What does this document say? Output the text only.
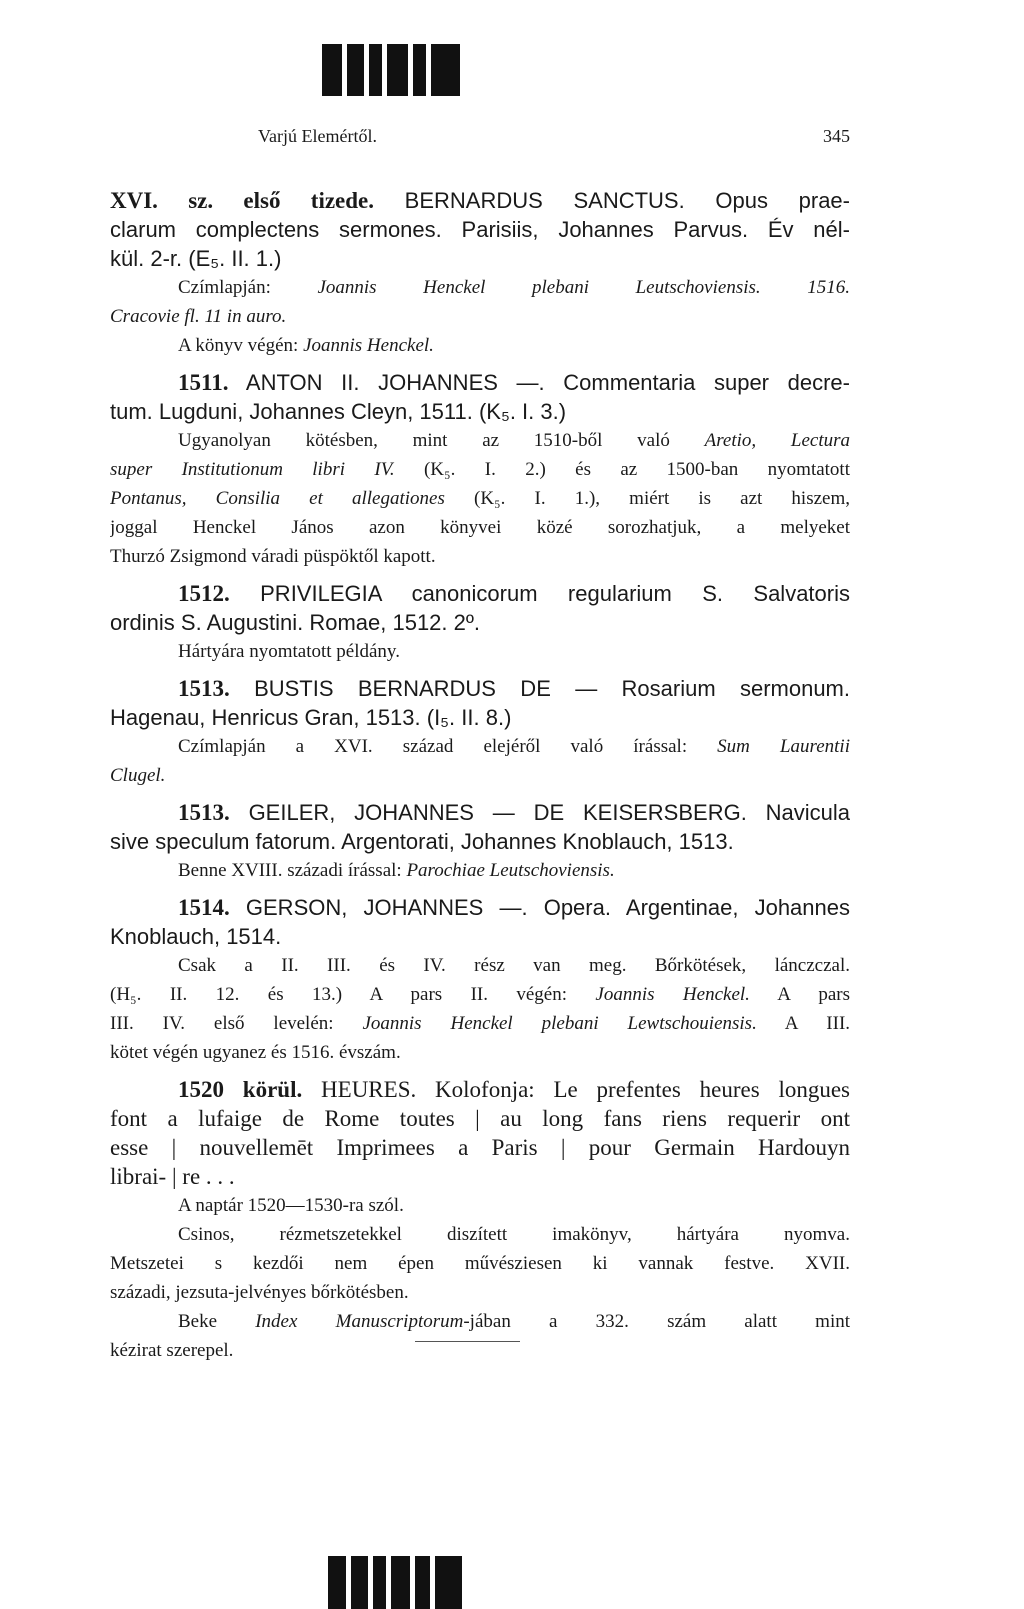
Varjú Elemértől.	345
XVI. sz. első tizede. BERNARDUS SANCTUS. Opus prae-
clarum complectens sermones. Parisiis, Johannes Parvus. Év nél-
kül. 2-r. (E₅. II. 1.)
Czímlapján: Joannis Henckel plebani Leutschoviensis. 1516.
Cracovie fl. 11 in auro.
A könyv végén: Joannis Henckel.
1511. ANTON II. JOHANNES —. Commentaria super decre-
tum. Lugduni, Johannes Cleyn, 1511. (K₅. I. 3.)
Ugyanolyan kötésben, mint az 1510-ből való Aretio, Lectura
super Institutionum libri IV. (K₅. I. 2.) és az 1500-ban nyomtatott
Pontanus, Consilia et allegationes (K₅. I. 1.), miért is azt hiszem,
joggal Henckel János azon könyvei közé sorozhatjuk, a melyeket
Thurzó Zsigmond váradi püspöktől kapott.
1512. PRIVILEGIA canonicorum regularium S. Salvatoris
ordinis S. Augustini. Romae, 1512. 2º.
Hártyára nyomtatott példány.
1513. BUSTIS BERNARDUS DE — Rosarium sermonum.
Hagenau, Henricus Gran, 1513. (I₅. II. 8.)
Czímlapján a XVI. század elejéről való írással: Sum Laurentii
Clugel.
1513. GEILER, JOHANNES — DE KEISERSBERG. Navicula
sive speculum fatorum. Argentorati, Johannes Knoblauch, 1513.
Benne XVIII. századi írással: Parochiae Leutschoviensis.
1514. GERSON, JOHANNES —. Opera. Argentinae, Johannes
Knoblauch, 1514.
Csak a II. III. és IV. rész van meg. Bőrkötések, lánczczal.
(H₅. II. 12. és 13.) A pars II. végén: Joannis Henckel. A pars
III. IV. első levelén: Joannis Henckel plebani Lewtschouiensis. A III.
kötet végén ugyanez és 1516. évszám.
1520 körül. HEURES. Kolofonja: Le prefentes heures longues
font a lufaige de Rome toutes | au long fans riens requerir ont
esse | nouvellemēt Imprimees a Paris | pour Germain Hardouyn
librai- | re . . .
A naptár 1520—1530-ra szól.
Csinos, rézmetszetekkel diszített imakönyv, hártyára nyomva.
Metszetei s kezdői nem épen művésziesen ki vannak festve. XVII.
századi, jezsuta-jelvényes bőrkötésben.
Beke Index Manuscriptorum-jában a 332. szám alatt mint
kézirat szerepel.
